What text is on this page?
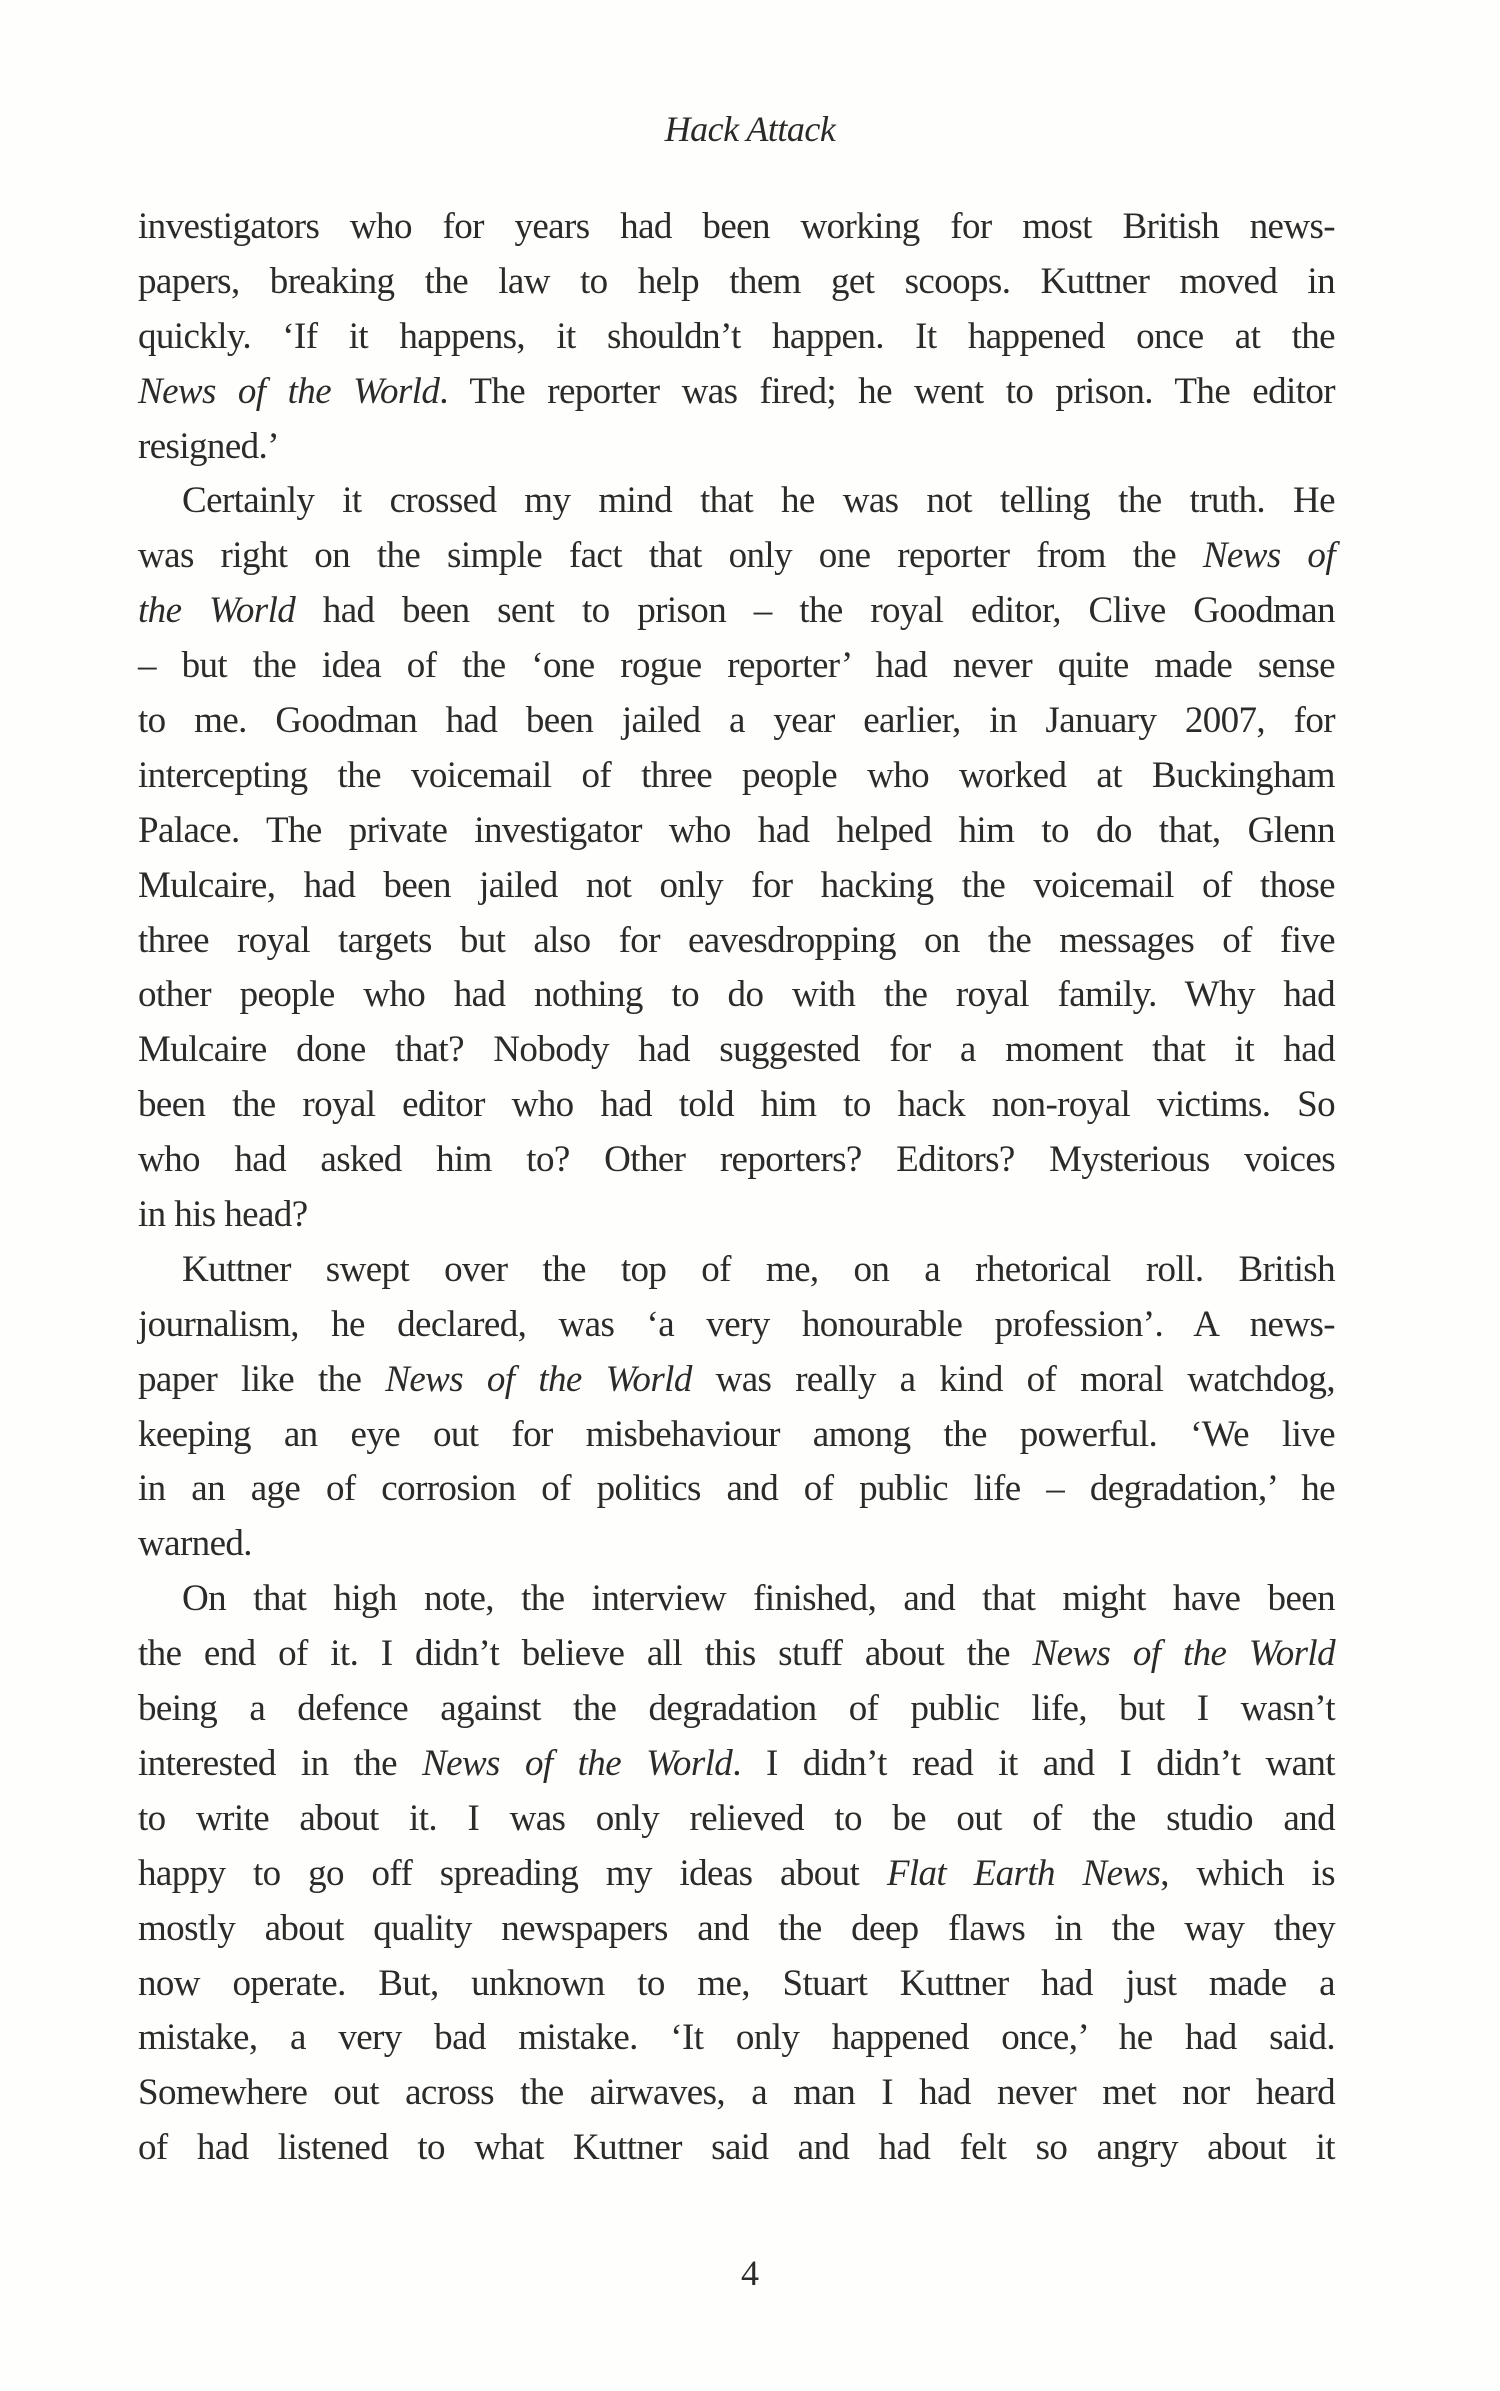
Hack Attack
investigators who for years had been working for most British news-
papers, breaking the law to help them get scoops. Kuttner moved in
quickly. ‘If it happens, it shouldn’t happen. It happened once at the
News of the World. The reporter was fired; he went to prison. The editor
resigned.’
Certainly it crossed my mind that he was not telling the truth. He
was right on the simple fact that only one reporter from the News of
the World had been sent to prison – the royal editor, Clive Goodman
– but the idea of the ‘one rogue reporter’ had never quite made sense
to me. Goodman had been jailed a year earlier, in January 2007, for
intercepting the voicemail of three people who worked at Buckingham
Palace. The private investigator who had helped him to do that, Glenn
Mulcaire, had been jailed not only for hacking the voicemail of those
three royal targets but also for eavesdropping on the messages of five
other people who had nothing to do with the royal family. Why had
Mulcaire done that? Nobody had suggested for a moment that it had
been the royal editor who had told him to hack non-royal victims. So
who had asked him to? Other reporters? Editors? Mysterious voices
in his head?
Kuttner swept over the top of me, on a rhetorical roll. British
journalism, he declared, was ‘a very honourable profession’. A news-
paper like the News of the World was really a kind of moral watchdog,
keeping an eye out for misbehaviour among the powerful. ‘We live
in an age of corrosion of politics and of public life – degradation,’ he
warned.
On that high note, the interview finished, and that might have been
the end of it. I didn’t believe all this stuff about the News of the World
being a defence against the degradation of public life, but I wasn’t
interested in the News of the World. I didn’t read it and I didn’t want
to write about it. I was only relieved to be out of the studio and
happy to go off spreading my ideas about Flat Earth News, which is
mostly about quality newspapers and the deep flaws in the way they
now operate. But, unknown to me, Stuart Kuttner had just made a
mistake, a very bad mistake. ‘It only happened once,’ he had said.
Somewhere out across the airwaves, a man I had never met nor heard
of had listened to what Kuttner said and had felt so angry about it
4
